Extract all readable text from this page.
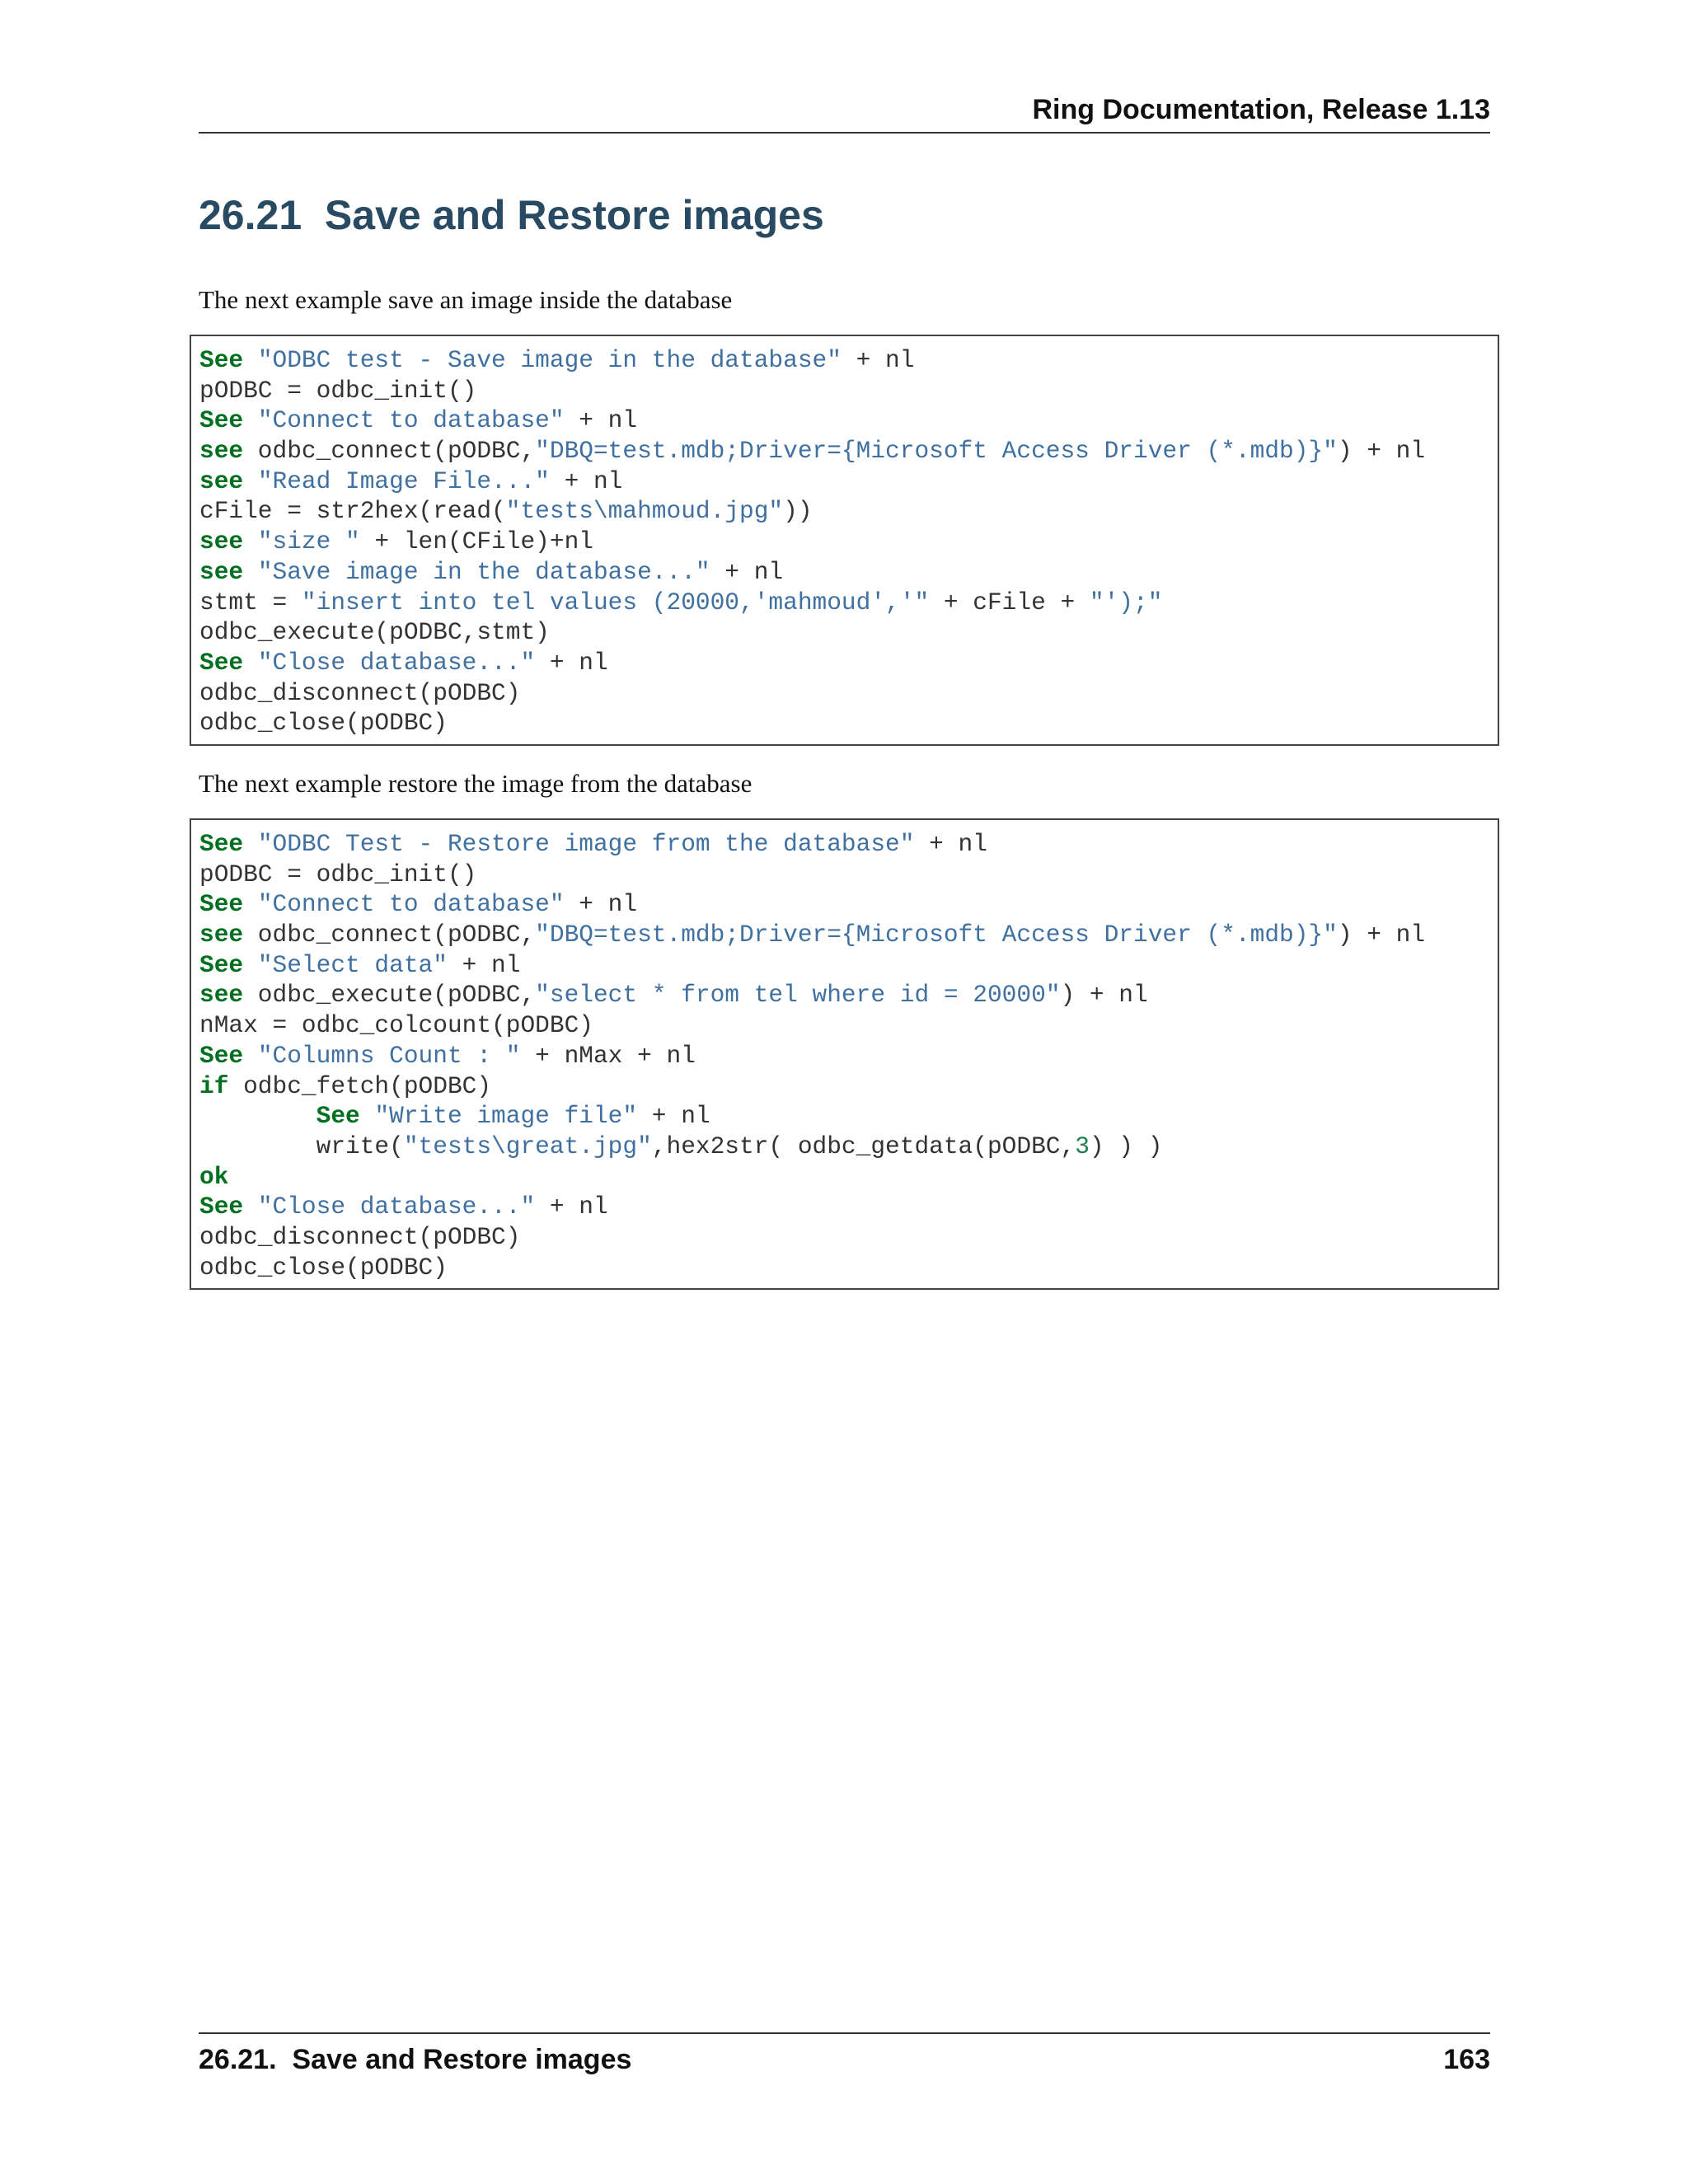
Ring Documentation, Release 1.13
26.21 Save and Restore images
The next example save an image inside the database
See "ODBC test - Save image in the database" + nl
pODBC = odbc_init()
See "Connect to database" + nl
see odbc_connect(pODBC,"DBQ=test.mdb;Driver={Microsoft Access Driver (*.mdb)}") + nl
see "Read Image File..." + nl
cFile = str2hex(read("tests\mahmoud.jpg"))
see "size " + len(CFile)+nl
see "Save image in the database..." + nl
stmt = "insert into tel values (20000,'mahmoud','" + cFile + "');"
odbc_execute(pODBC,stmt)
See "Close database..." + nl
odbc_disconnect(pODBC)
odbc_close(pODBC)
The next example restore the image from the database
See "ODBC Test - Restore image from the database" + nl
pODBC = odbc_init()
See "Connect to database" + nl
see odbc_connect(pODBC,"DBQ=test.mdb;Driver={Microsoft Access Driver (*.mdb)}") + nl
See "Select data" + nl
see odbc_execute(pODBC,"select * from tel where id = 20000") + nl
nMax = odbc_colcount(pODBC)
See "Columns Count : " + nMax + nl
if odbc_fetch(pODBC)
See "Write image file" + nl
write("tests\great.jpg",hex2str( odbc_getdata(pODBC,3) ) )
ok
See "Close database..." + nl
odbc_disconnect(pODBC)
odbc_close(pODBC)
26.21.  Save and Restore images	163
